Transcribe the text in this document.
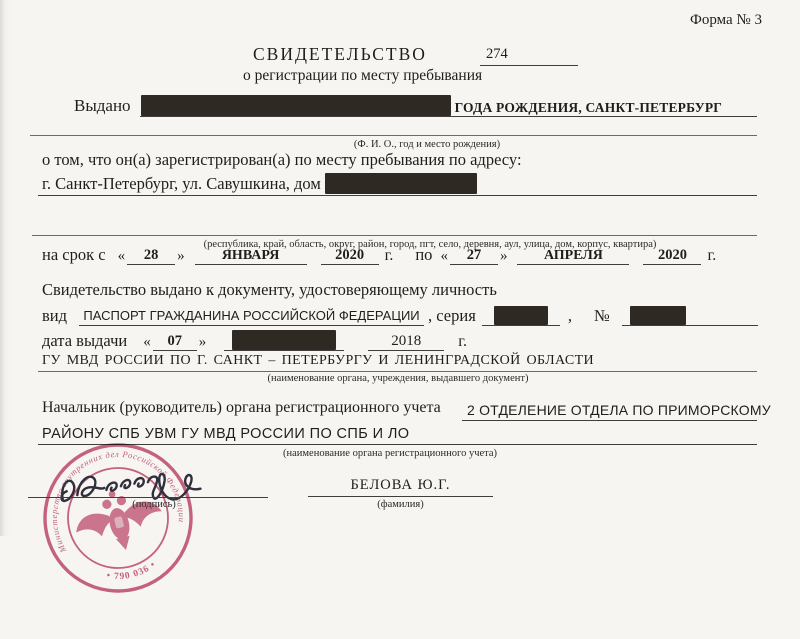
Форма № 3
СВИДЕТЕЛЬСТВО	274
о регистрации по месту пребывания
Выдано	ГОДА РОЖДЕНИЯ, САНКТ-ПЕТЕРБУРГ
(Ф. И. О., год и место рождения)
о том, что он(а) зарегистрирован(а) по месту пребывания по адресу:
г. Санкт-Петербург, ул. Савушкина, дом
(республика, край, область, округ, район, город, пгт, село, деревня, аул, улица, дом, корпус, квартира)
на срок с «	28	»	ЯНВАРЯ	2020	г. по «	27	»	АПРЕЛЯ	2020	г.
Свидетельство выдано к документу, удостоверяющему личность
вид	ПАСПОРТ ГРАЖДАНИНА РОССИЙСКОЙ ФЕДЕРАЦИИ , серия	, №
дата выдачи «	07	»	2018	г.
ГУ МВД РОССИИ ПО Г. САНКТ – ПЕТЕРБУРГУ И ЛЕНИНГРАДСКОЙ ОБЛАСТИ
(наименование органа, учреждения, выдавшего документ)
Начальник (руководитель) органа регистрационного учета 2 ОТДЕЛЕНИЕ ОТДЕЛА ПО ПРИМОРСКОМУ
РАЙОНУ СПБ УВМ ГУ МВД РОССИИ ПО СПБ И ЛО
(наименование органа регистрационного учета)
Министерство внутренних дел Российской Федерации
• 790 036 •
(подпись)
БЕЛОВА Ю.Г.
(фамилия)
